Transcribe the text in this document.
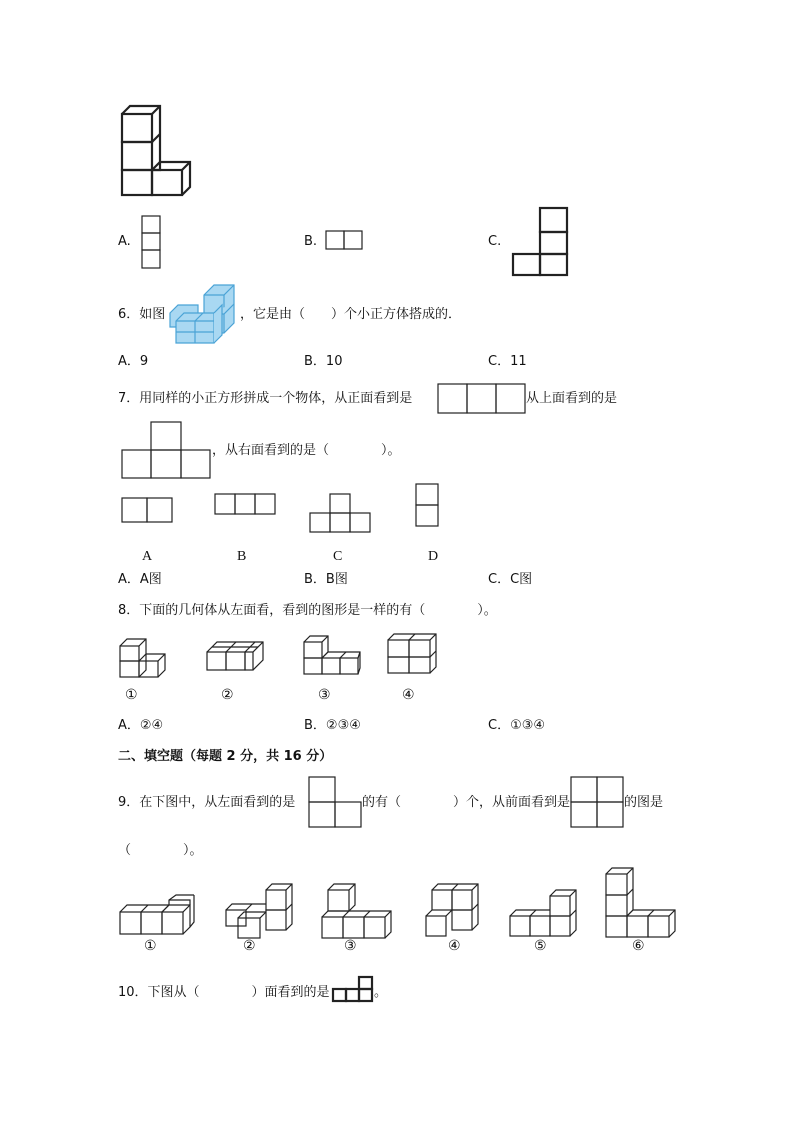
A.	B.	C.
6．如图	，它是由（　　）个小正方体搭成的．
A．9	B．10	C．11
7．用同样的小正方形拼成一个物体，从正面看到是	从上面看到的是
，从右面看到的是（　　　　）。
A	B	C	D
A．A图	B．B图	C．C图
8．下面的几何体从左面看，看到的图形是一样的有（　　　　）。
①	②	③	④
A．②④	B．②③④	C．①③④
二、填空题（每题 2 分，共 16 分）
9．在下图中，从左面看到的是	的有（　　　　）个，从前面看到是	的图是
（　　　　）。
①	②	③	④	⑤	⑥
10．下图从（　　　　）面看到的是	。
